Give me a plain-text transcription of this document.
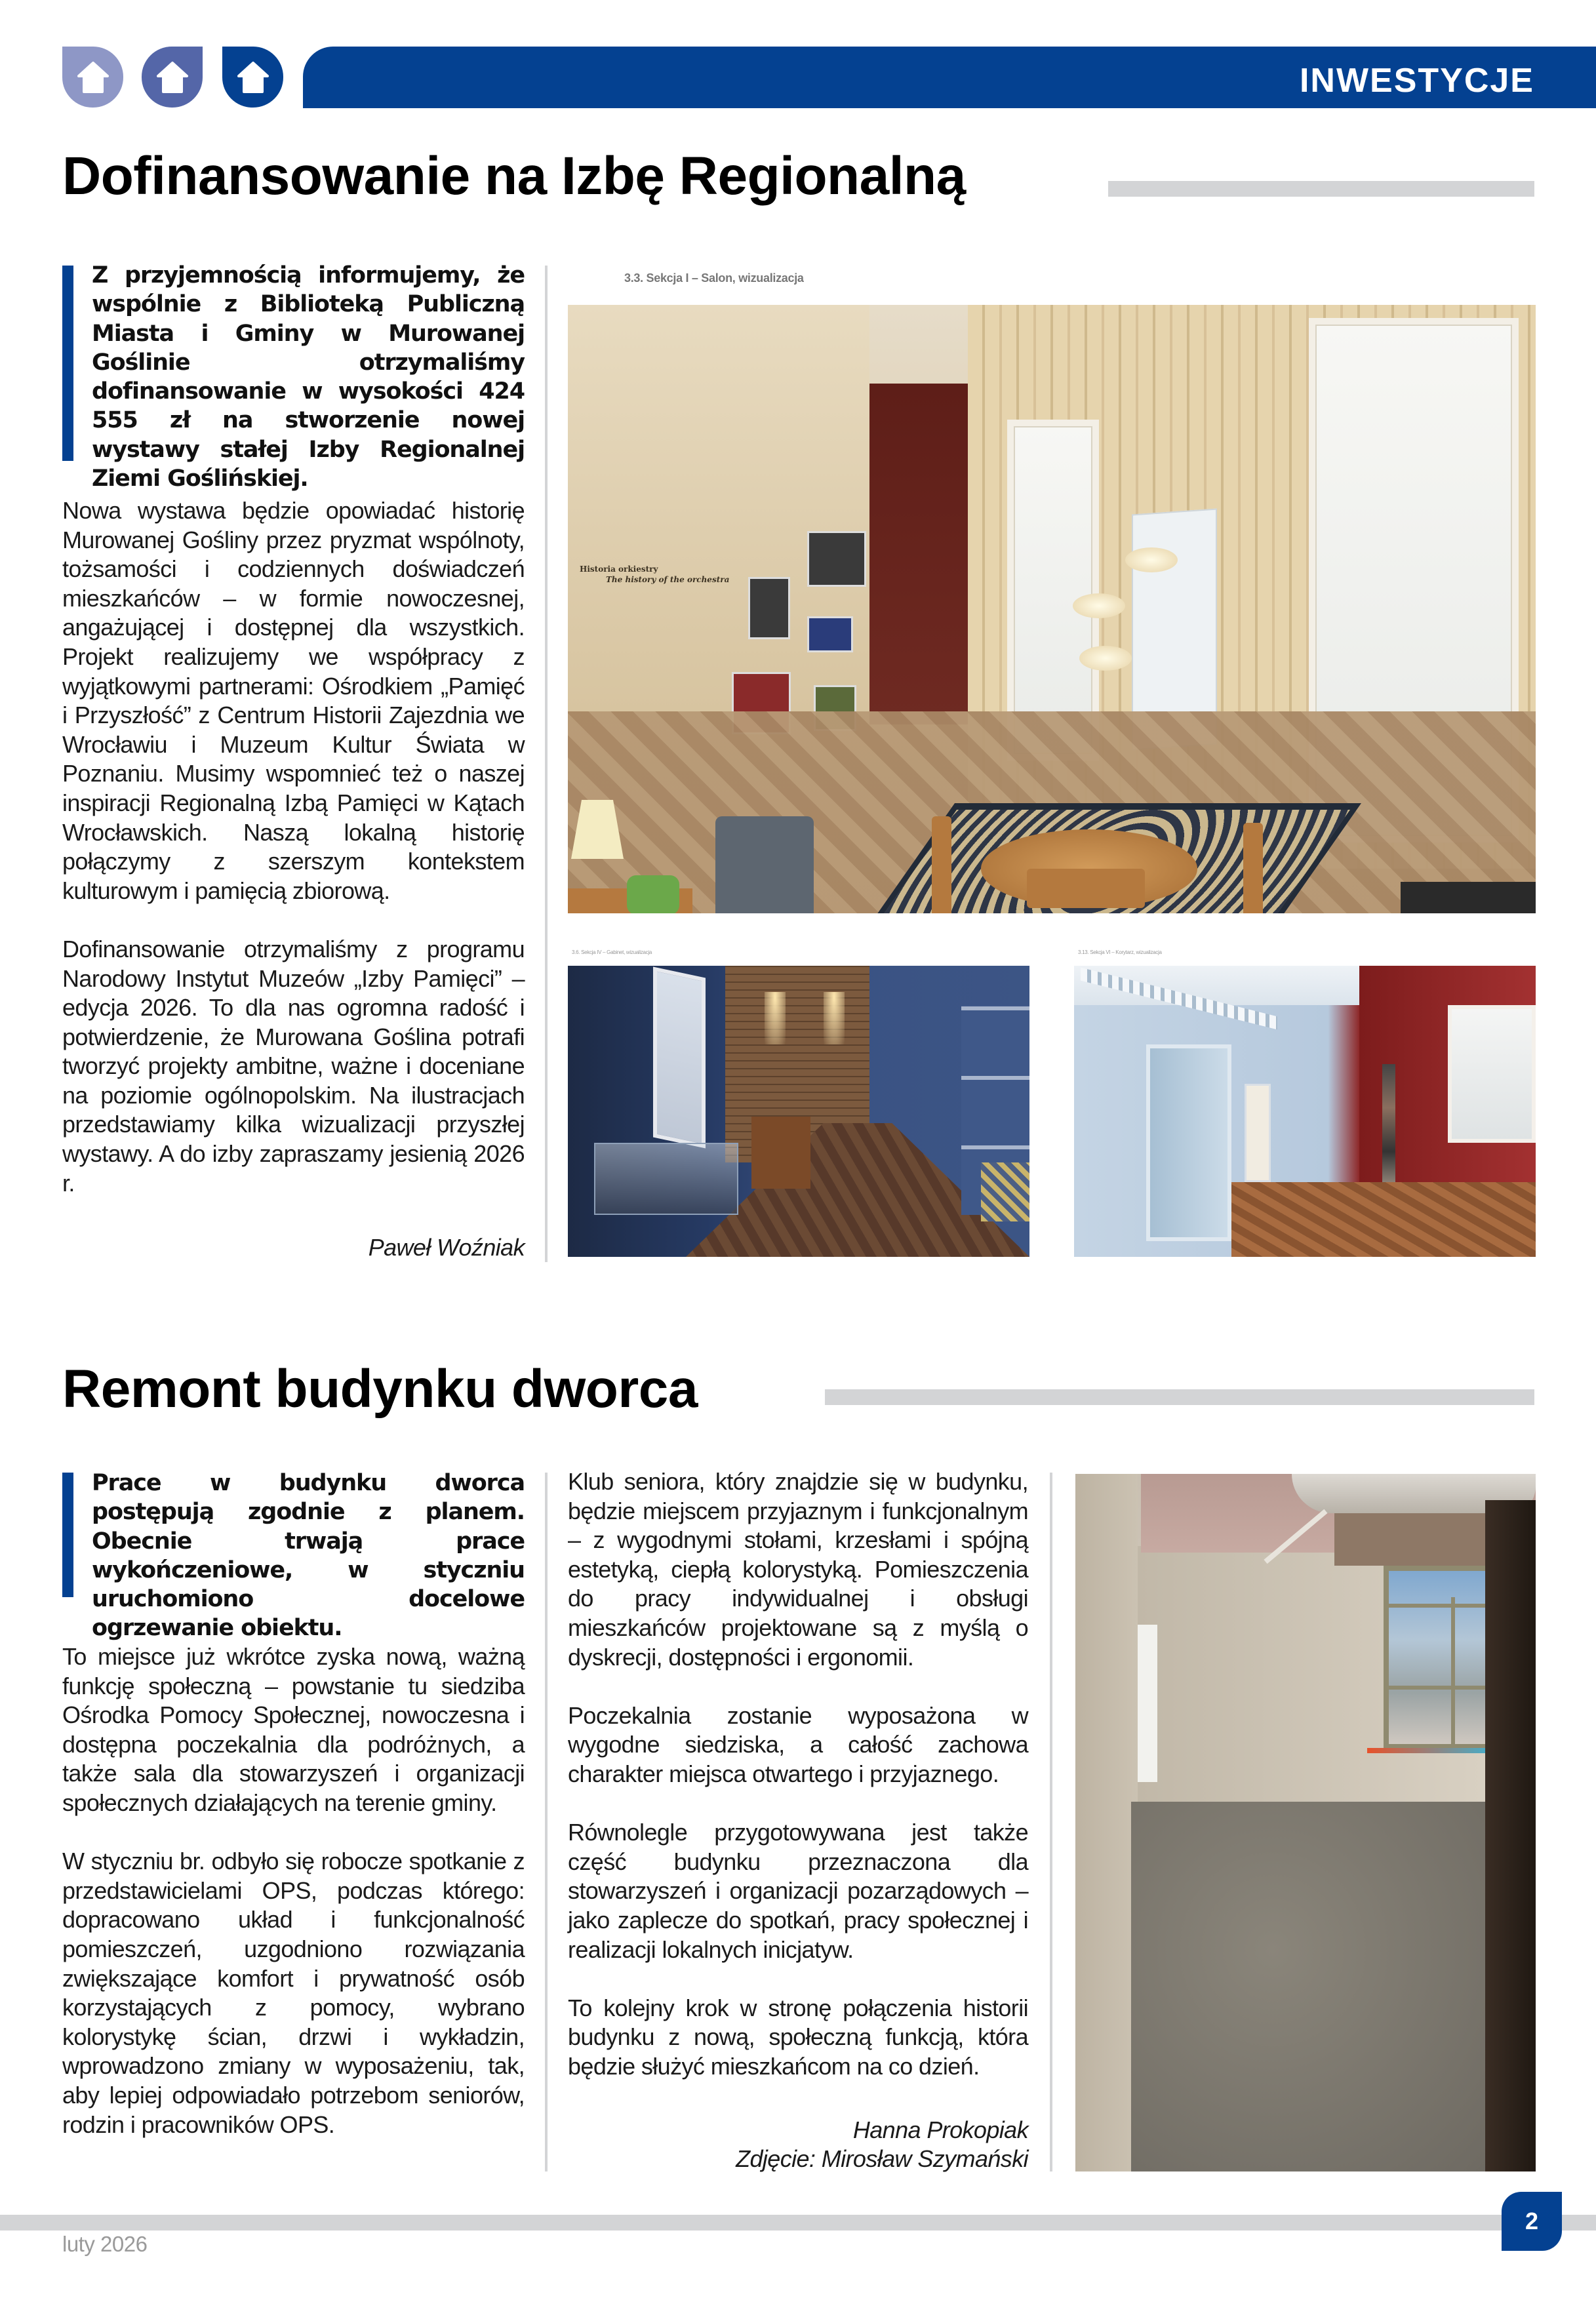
INWESTYCJE
Dofinansowanie na Izbę Regionalną

Z przyjemnością informujemy, że wspólnie z Biblioteką Publiczną Miasta i Gminy w Murowanej Goślinie otrzymaliśmy dofinansowanie w wysokości 424 555 zł na stworzenie nowej wystawy stałej Izby Regionalnej Ziemi Goślińskiej.

Nowa wystawa będzie opowiadać historię Murowanej Gośliny przez pryzmat wspólnoty, tożsamości i codziennych doświadczeń mieszkańców – w formie nowoczesnej, angażującej i dostępnej dla wszystkich. Projekt realizujemy we współpracy z wyjątkowymi partnerami: Ośrodkiem „Pamięć i Przyszłość” z Centrum Historii Zajezdnia we Wrocławiu i Muzeum Kultur Świata w Poznaniu. Musimy wspomnieć też o naszej inspiracji Regionalną Izbą Pamięci w Kątach Wrocławskich. Naszą lokalną historię połączymy z szerszym kontekstem kulturowym i pamięcią zbiorową.

Dofinansowanie otrzymaliśmy z programu Narodowy Instytut Muzeów „Izby Pamięci” – edycja 2026. To dla nas ogromna radość i potwierdzenie, że Murowana Goślina potrafi tworzyć projekty ambitne, ważne i doceniane na poziomie ogólnopolskim. Na ilustracjach przedstawiamy kilka wizualizacji przyszłej wystawy. A do izby zapraszamy jesienią 2026 r.

Paweł Woźniak

3.3. Sekcja I – Salon, wizualizacja
Historia orkiestry
The history of the orchestra
3.6. Sekcja IV – Gabinet, wizualizacja	3.13. Sekcja VI – Korytarz, wizualizacja
Remont budynku dworca

Prace w budynku dworca postępują zgodnie z planem. Obecnie trwają prace wykończeniowe, w styczniu uruchomiono docelowe ogrzewanie obiektu.

To miejsce już wkrótce zyska nową, ważną funkcję społeczną – powstanie tu siedziba Ośrodka Pomocy Społecznej, nowoczesna i dostępna poczekalnia dla podróżnych, a także sala dla stowarzyszeń i organizacji społecznych działających na terenie gminy.

W styczniu br. odbyło się robocze spotkanie z przedstawicielami OPS, podczas którego: dopracowano układ i funkcjonalność pomieszczeń, uzgodniono rozwiązania zwiększające komfort i prywatność osób korzystających z pomocy, wybrano kolorystykę ścian, drzwi i wykładzin, wprowadzono zmiany w wyposażeniu, tak, aby lepiej odpowiadało potrzebom seniorów, rodzin i pracowników OPS.

Klub seniora, który znajdzie się w budynku, będzie miejscem przyjaznym i funkcjonalnym – z wygodnymi stołami, krzesłami i spójną estetyką, ciepłą kolorystyką. Pomieszczenia do pracy indywidualnej i obsługi mieszkańców projektowane są z myślą o dyskrecji, dostępności i ergonomii.

Poczekalnia zostanie wyposażona w wygodne siedziska, a całość zachowa charakter miejsca otwartego i przyjaznego.

Równolegle przygotowywana jest także część budynku przeznaczona dla stowarzyszeń i organizacji pozarządowych – jako zaplecze do spotkań, pracy społecznej i realizacji lokalnych inicjatyw.

To kolejny krok w stronę połączenia historii budynku z nową, społeczną funkcją, która będzie służyć mieszkańcom na co dzień.

Hanna Prokopiak

Zdjęcie: Mirosław Szymański

luty 2026
2
